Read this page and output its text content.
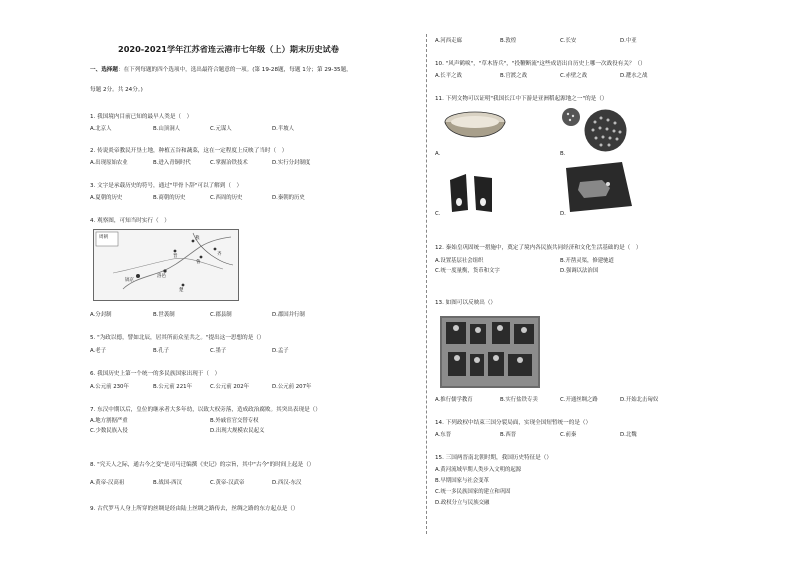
2020-2021学年江苏省连云港市七年级（上）期末历史试卷
一、选择题：在下列每题的四个选项中，选出最符合题意的一项。(第 19-28题，每题 1分；第 29-35题，
每题 2分。共 24分。)
1. 我国境内目前已知的最早人类是（　）
A.北京人	B.山顶洞人	C.元谋人	D.半坡人
2. 传说炎帝教民开垦土地，种植五谷和蔬菜，这在一定程度上反映了当时（　）
A.出现原始农业	B.进入青铜时代	C.掌握冶铁技术	D.实行分封制度
3. 文字是承载历史的符号，通过"甲骨卜辞"可以了解到（　）
A.夏朝的历史	B.商朝的历史	C.西周的历史	D.秦朝的历史
4. 观察图，可知当时实行（　）
周朝
镐京
洛邑
鲁
齐
燕
晋
楚
A.分封制	B.世袭制	C.郡县制	D.郡国并行制
5. "为政以德，譬如北辰，居其所而众星共之。"提出这一思想的是（）
A.老子	B.孔子	C.墨子	D.孟子
6. 我国历史上第一个统一的多民族国家出现于（　）
A.公元前 230年	B.公元前 221年	C.公元前 202年	D.公元前 207年
7. 东汉中期以后，皇位的继承者大多年幼，以致大权旁落，造成政治腐败。其突出表现是（）
A.地方割据严重	B.外戚宦官交替专权
C.少数民族入侵	D.出现大规模农民起义
8. "究天人之际，通古今之变"是司马迁编撰《史记》的宗旨，其中"古今"的时间上起是（）
A.黄帝-汉高祖	B.战国-西汉	C.黄帝-汉武帝	D.西汉-东汉
9. 古代罗马人身上所穿的丝绸是经由陆上丝绸之路传去，丝绸之路的东方起点是（）
A.河西走廊	B.敦煌	C.长安	D.中亚
10. "风声鹤唳"，"草木皆兵"，"投鞭断流"这些成语出自历史上哪一次战役有关？（）
A.长平之战	B.官渡之战	C.赤壁之战	D.淝水之战
11. 下列文物可以证明"我国长江中下游是亚洲稻起源地之一"的是（）
A.	B.
C.	D.
12. 秦始皇巩固统一措施中，奠定了境内各民族共同经济和文化生活基础的是（　）
A.设置基层社会组织	B.开凿灵渠，修建驰道
C.统一度量衡，货币和文字	D.强调以法治国
13. 如图可以反映出（）
A.推行儒学教育	B.实行盐铁专卖	C.开通丝绸之路	D.开始北击匈奴
14. 下列政权中结束三国分裂局面，实现全国短暂统一的是（）
A.东晋	B.西晋	C.前秦	D.北魏
15. 三国两晋南北朝时期，我国历史特征是（）
A.黄河流域早期人类步入文明的起源
B.早期国家与社会变革
C.统一多民族国家的建立和巩固
D.政权分立与民族交融
